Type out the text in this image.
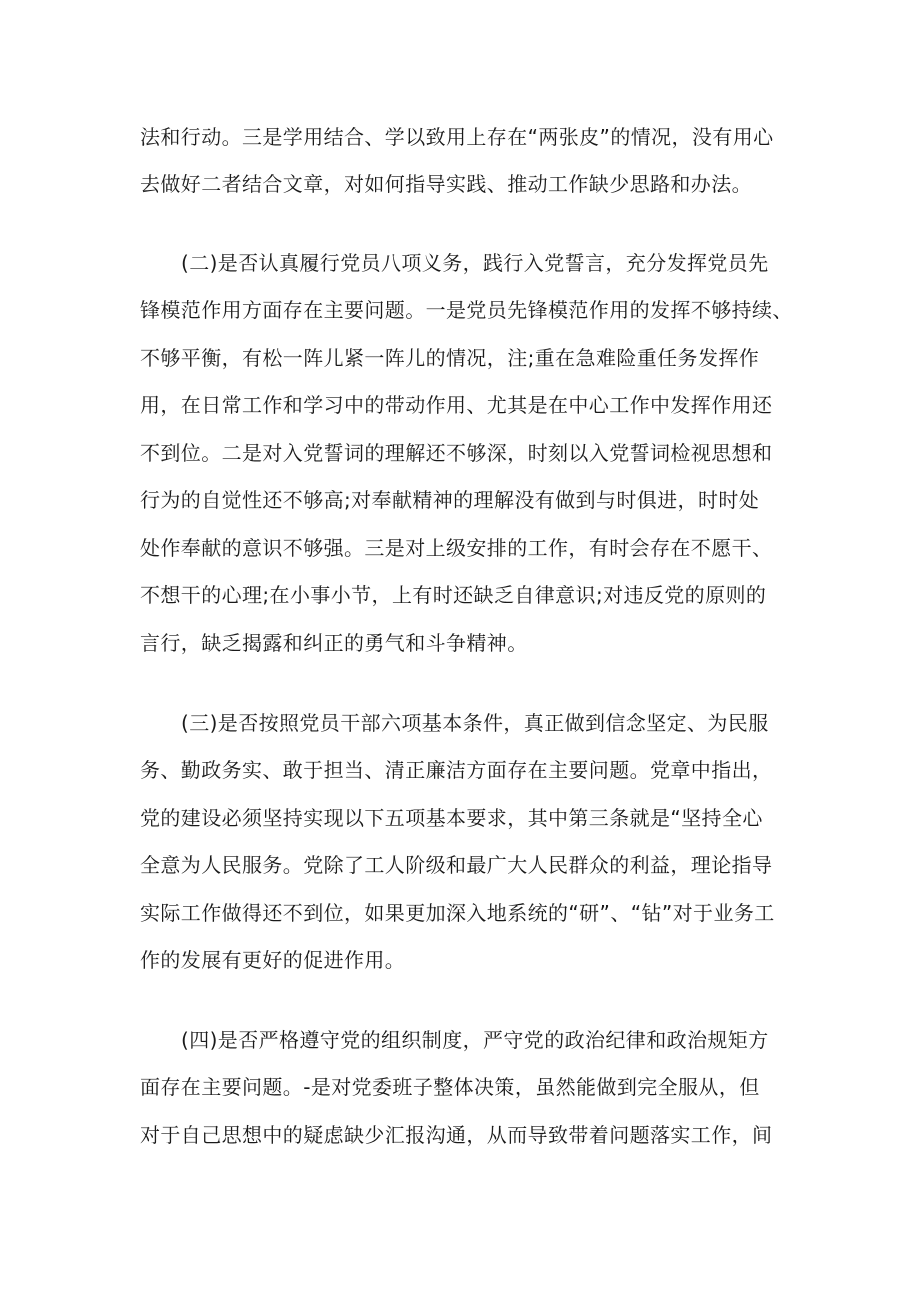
法和行动。三是学用结合、学以致用上存在“两张皮”的情况，没有用心
去做好二者结合文章，对如何指导实践、推动工作缺少思路和办法。
(二)是否认真履行党员八项义务，践行入党誓言，充分发挥党员先
锋模范作用方面存在主要问题。一是党员先锋模范作用的发挥不够持续、
不够平衡，有松一阵儿紧一阵儿的情况，注;重在急难险重任务发挥作
用，在日常工作和学习中的带动作用、尤其是在中心工作中发挥作用还
不到位。二是对入党誓词的理解还不够深，时刻以入党誓词检视思想和
行为的自觉性还不够高;对奉献精神的理解没有做到与时俱进，时时处
处作奉献的意识不够强。三是对上级安排的工作，有时会存在不愿干、
不想干的心理;在小事小节，上有时还缺乏自律意识;对违反党的原则的
言行，缺乏揭露和纠正的勇气和斗争精神。
(三)是否按照党员干部六项基本条件，真正做到信念坚定、为民服
务、勤政务实、敢于担当、清正廉洁方面存在主要问题。党章中指出，
党的建设必须坚持实现以下五项基本要求，其中第三条就是“坚持全心
全意为人民服务。党除了工人阶级和最广大人民群众的利益，理论指导
实际工作做得还不到位，如果更加深入地系统的“研”、“钻”对于业务工
作的发展有更好的促进作用。
(四)是否严格遵守党的组织制度，严守党的政治纪律和政治规矩方
面存在主要问题。-是对党委班子整体决策，虽然能做到完全服从，但
对于自己思想中的疑虑缺少汇报沟通，从而导致带着问题落实工作，间
